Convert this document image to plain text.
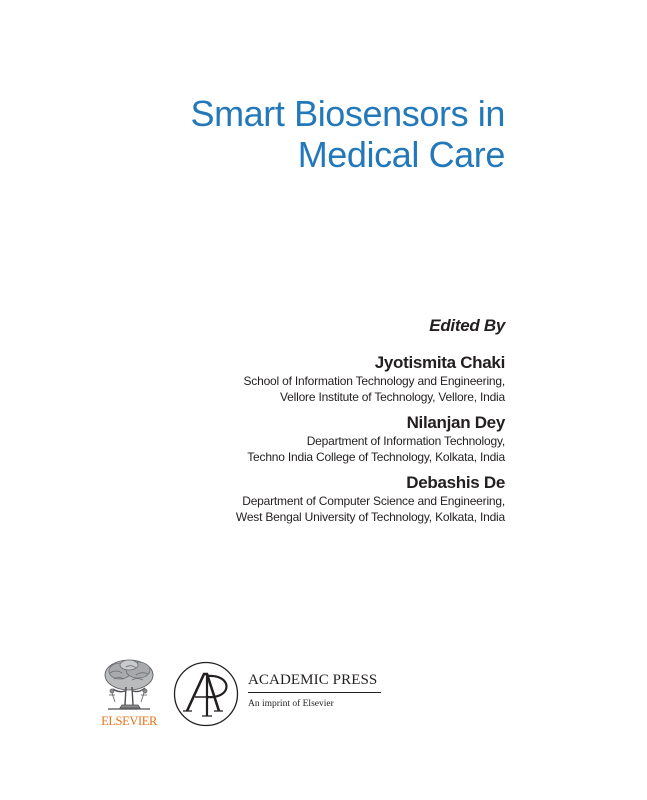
Smart Biosensors in
Medical Care
Edited By
Jyotismita Chaki
School of Information Technology and Engineering,
Vellore Institute of Technology, Vellore, India
Nilanjan Dey
Department of Information Technology,
Techno India College of Technology, Kolkata, India
Debashis De
Department of Computer Science and Engineering,
West Bengal University of Technology, Kolkata, India
ELSEVIER
ACADEMIC PRESS
An imprint of Elsevier
